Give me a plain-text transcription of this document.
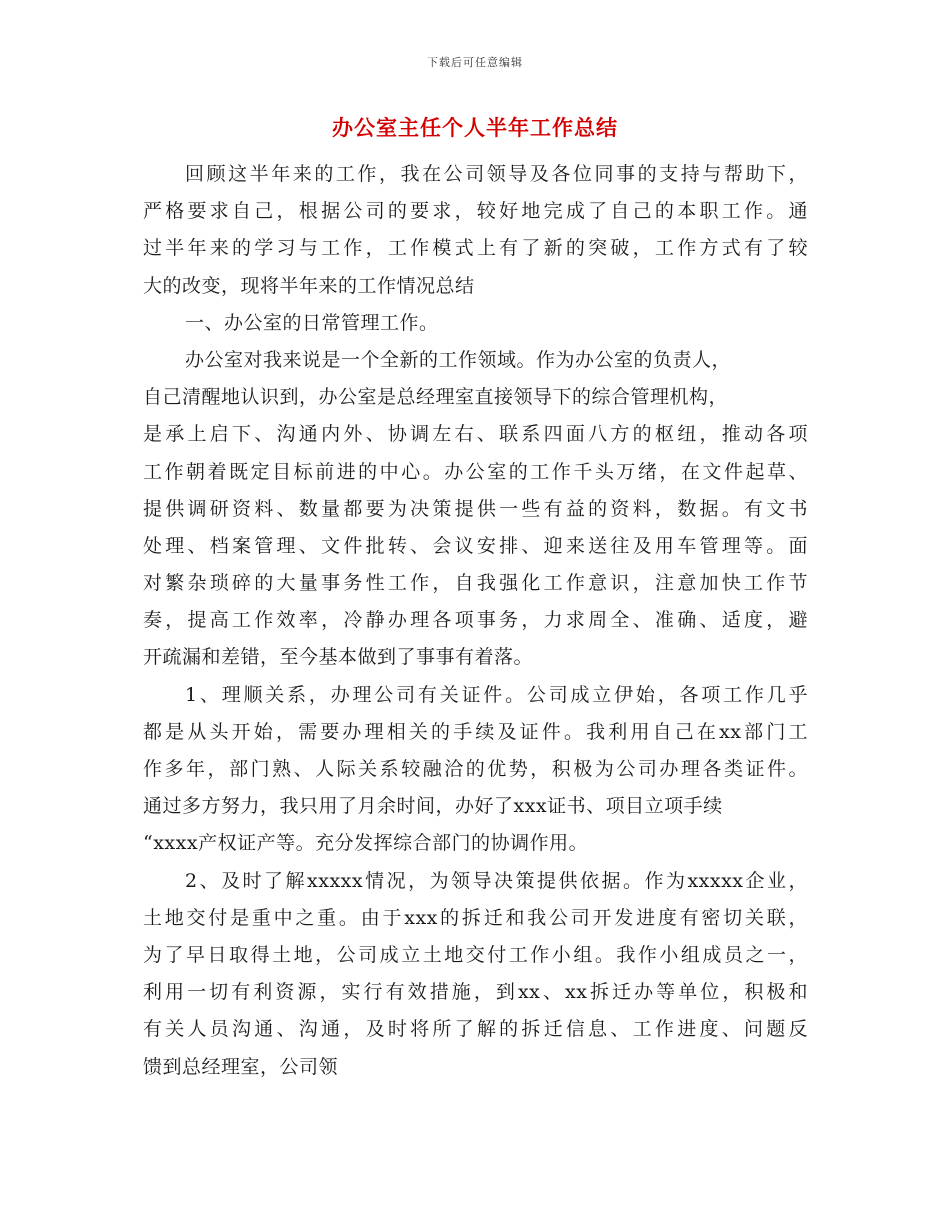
下载后可任意编辑
办公室主任个人半年工作总结
回顾这半年来的工作，我在公司领导及各位同事的支持与帮助下，
严格要求自己，根据公司的要求，较好地完成了自己的本职工作。通
过半年来的学习与工作，工作模式上有了新的突破，工作方式有了较
大的改变，现将半年来的工作情况总结
一、办公室的日常管理工作。
办公室对我来说是一个全新的工作领域。作为办公室的负责人，
自己清醒地认识到，办公室是总经理室直接领导下的综合管理机构，
是承上启下、沟通内外、协调左右、联系四面八方的枢纽，推动各项
工作朝着既定目标前进的中心。办公室的工作千头万绪，在文件起草、
提供调研资料、数量都要为决策提供一些有益的资料，数据。有文书
处理、档案管理、文件批转、会议安排、迎来送往及用车管理等。面
对繁杂琐碎的大量事务性工作，自我强化工作意识，注意加快工作节
奏，提高工作效率，冷静办理各项事务，力求周全、准确、适度，避
开疏漏和差错，至今基本做到了事事有着落。
1、理顺关系，办理公司有关证件。公司成立伊始，各项工作几乎
都是从头开始，需要办理相关的手续及证件。我利用自己在xx部门工
作多年，部门熟、人际关系较融洽的优势，积极为公司办理各类证件。
通过多方努力，我只用了月余时间，办好了xxx证书、项目立项手续
“xxxx产权证产等。充分发挥综合部门的协调作用。
2、及时了解xxxxx情况，为领导决策提供依据。作为xxxxx企业，
土地交付是重中之重。由于xxx的拆迁和我公司开发进度有密切关联，
为了早日取得土地，公司成立土地交付工作小组。我作小组成员之一，
利用一切有利资源，实行有效措施，到xx、xx拆迁办等单位，积极和
有关人员沟通、沟通，及时将所了解的拆迁信息、工作进度、问题反
馈到总经理室，公司领
